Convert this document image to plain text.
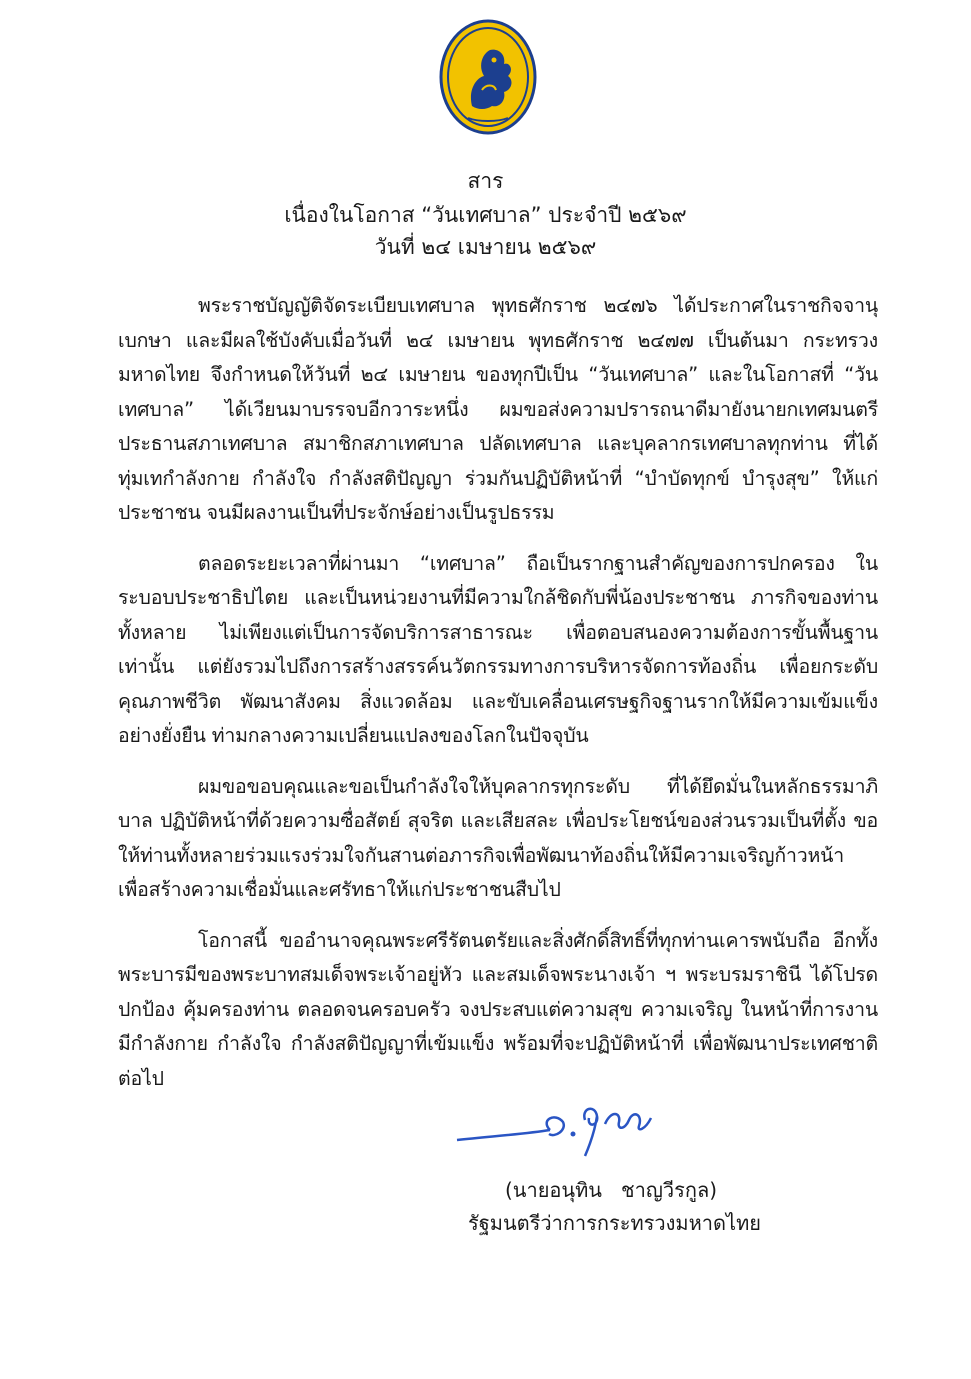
สาร
เนื่องในโอกาส “วันเทศบาล” ประจำปี ๒๕๖๙
วันที่ ๒๔ เมษายน ๒๕๖๙

พระราชบัญญัติจัดระเบียบเทศบาล พุทธศักราช ๒๔๗๖ ได้ประกาศในราชกิจจานุเบกษา และมีผลใช้บังคับเมื่อวันที่ ๒๔ เมษายน พุทธศักราช ๒๔๗๗ เป็นต้นมา กระทรวงมหาดไทย จึงกำหนดให้วันที่ ๒๔ เมษายน ของทุกปีเป็น “วันเทศบาล” และในโอกาสที่ “วันเทศบาล” ได้เวียนมาบรรจบอีกวาระหนึ่ง ผมขอส่งความปรารถนาดีมายังนายกเทศมนตรี ประธานสภาเทศบาล สมาชิกสภาเทศบาล ปลัดเทศบาล และบุคลากรเทศบาลทุกท่าน ที่ได้ทุ่มเทกำลังกาย กำลังใจ กำลังสติปัญญา ร่วมกันปฏิบัติหน้าที่ “บำบัดทุกข์ บำรุงสุข” ให้แก่ประชาชน จนมีผลงานเป็นที่ประจักษ์อย่างเป็นรูปธรรม

ตลอดระยะเวลาที่ผ่านมา “เทศบาล” ถือเป็นรากฐานสำคัญของการปกครอง ในระบอบประชาธิปไตย และเป็นหน่วยงานที่มีความใกล้ชิดกับพี่น้องประชาชน ภารกิจของท่านทั้งหลาย ไม่เพียงแต่เป็นการจัดบริการสาธารณะ เพื่อตอบสนองความต้องการขั้นพื้นฐาน เท่านั้น แต่ยังรวมไปถึงการสร้างสรรค์นวัตกรรมทางการบริหารจัดการท้องถิ่น เพื่อยกระดับ คุณภาพชีวิต พัฒนาสังคม สิ่งแวดล้อม และขับเคลื่อนเศรษฐกิจฐานรากให้มีความเข้มแข็ง อย่างยั่งยืน ท่ามกลางความเปลี่ยนแปลงของโลกในปัจจุบัน

ผมขอขอบคุณและขอเป็นกำลังใจให้บุคลากรทุกระดับ ที่ได้ยึดมั่นในหลักธรรมาภิบาล ปฏิบัติหน้าที่ด้วยความซื่อสัตย์ สุจริต และเสียสละ เพื่อประโยชน์ของส่วนรวมเป็นที่ตั้ง ขอให้ท่านทั้งหลายร่วมแรงร่วมใจกันสานต่อภารกิจเพื่อพัฒนาท้องถิ่นให้มีความเจริญก้าวหน้า เพื่อสร้างความเชื่อมั่นและศรัทธาให้แก่ประชาชนสืบไป

โอกาสนี้ ขออำนาจคุณพระศรีรัตนตรัยและสิ่งศักดิ์สิทธิ์ที่ทุกท่านเคารพนับถือ อีกทั้งพระบารมีของพระบาทสมเด็จพระเจ้าอยู่หัว และสมเด็จพระนางเจ้า ฯ พระบรมราชินี ได้โปรดปกป้อง คุ้มครองท่าน ตลอดจนครอบครัว จงประสบแต่ความสุข ความเจริญ ในหน้าที่การงาน มีกำลังกาย กำลังใจ กำลังสติปัญญาที่เข้มแข็ง พร้อมที่จะปฏิบัติหน้าที่ เพื่อพัฒนาประเทศชาติต่อไป

(นายอนุทิน   ชาญวีรกูล)
รัฐมนตรีว่าการกระทรวงมหาดไทย
